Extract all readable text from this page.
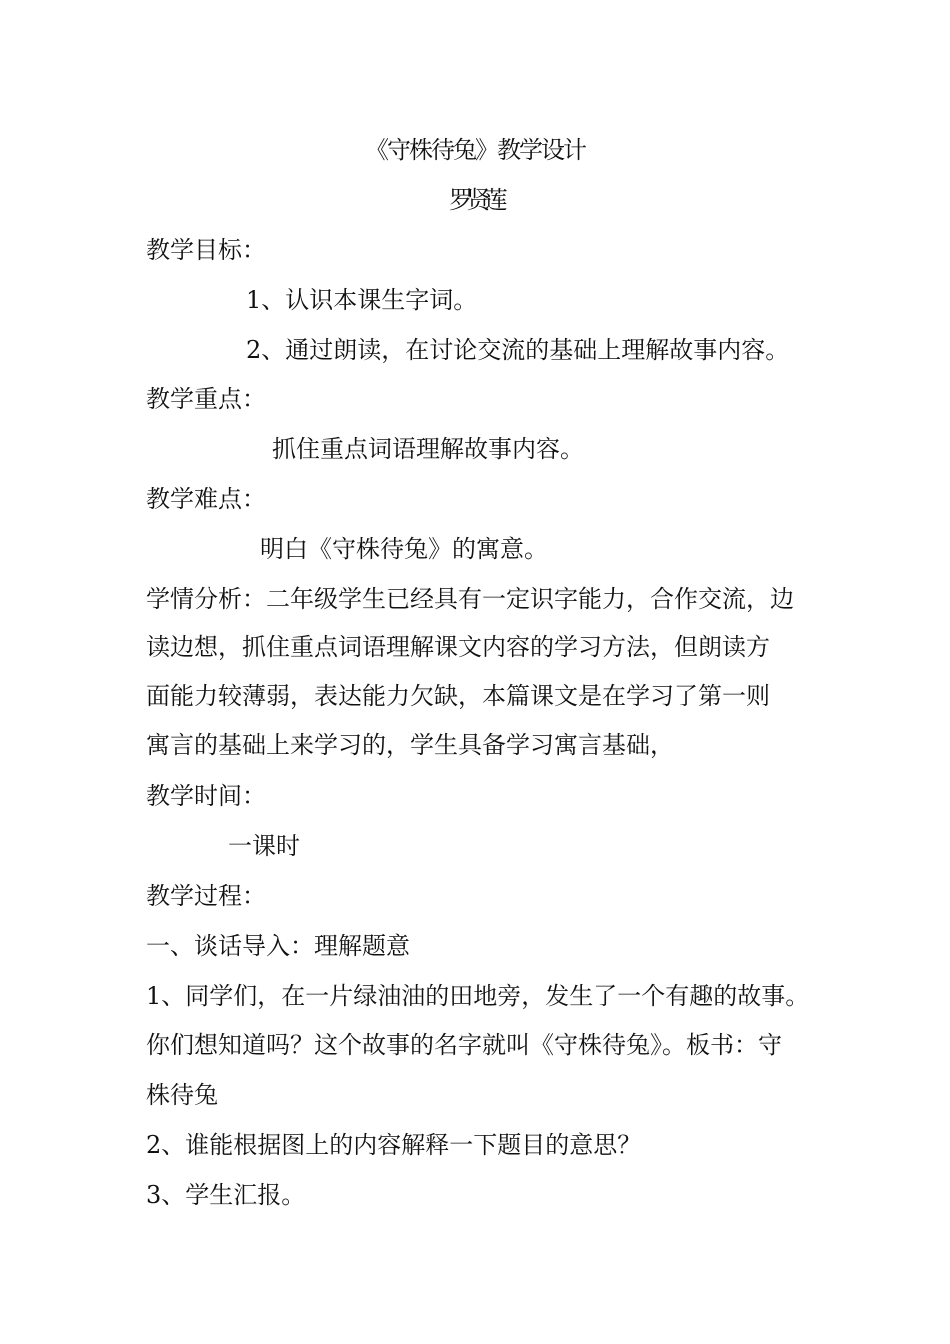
《守株待兔》教学设计
罗贤莲
教学目标：
1、认识本课生字词。
2、通过朗读，在讨论交流的基础上理解故事内容。
教学重点：
抓住重点词语理解故事内容。
教学难点：
明白《守株待兔》的寓意。
学情分析：二年级学生已经具有一定识字能力，合作交流，边
读边想，抓住重点词语理解课文内容的学习方法，但朗读方
面能力较薄弱，表达能力欠缺，本篇课文是在学习了第一则
寓言的基础上来学习的，学生具备学习寓言基础，
教学时间：
一课时
教学过程：
一、谈话导入：理解题意
1、同学们，在一片绿油油的田地旁，发生了一个有趣的故事。
你们想知道吗？这个故事的名字就叫《守株待兔》。板书：守
株待兔
2、谁能根据图上的内容解释一下题目的意思？
3、学生汇报。
